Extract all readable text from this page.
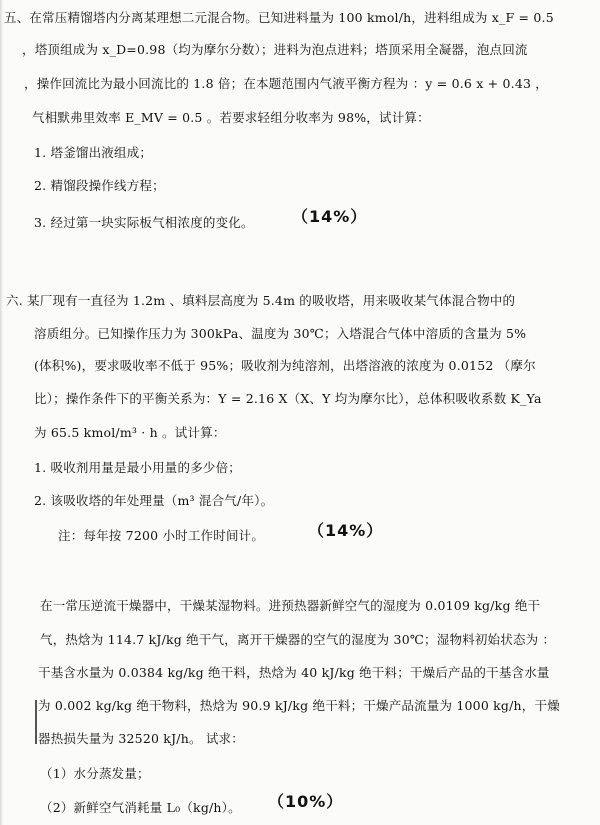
五、在常压精馏塔内分离某理想二元混合物。已知进料量为 100 kmol/h，进料组成为 x_F = 0.5
，塔顶组成为 x_D=0.98（均为摩尔分数）；进料为泡点进料；塔顶采用全凝器，泡点回流
，操作回流比为最小回流比的 1.8 倍；在本题范围内气液平衡方程为 ：y = 0.6 x + 0.43 ，
气相默弗里效率 E_MV = 0.5 。若要求轻组分收率为 98%，试计算：
1. 塔釜馏出液组成；
2. 精馏段操作线方程；
3. 经过第一块实际板气相浓度的变化。 （14%）
六. 某厂现有一直径为 1.2m 、填料层高度为 5.4m 的吸收塔，用来吸收某气体混合物中的
溶质组分。已知操作压力为 300kPa、温度为 30℃；入塔混合气体中溶质的含量为 5%
(体积%)，要求吸收率不低于 95%；吸收剂为纯溶剂，出塔溶液的浓度为 0.0152 （摩尔
比）；操作条件下的平衡关系为：Y = 2.16 X（X、Y 均为摩尔比），总体积吸收系数 K_Ya
为 65.5 kmol/m³ · h 。试计算：
1. 吸收剂用量是最小用量的多少倍；
2. 该吸收塔的年处理量（m³ 混合气/年）。
注：每年按 7200 小时工作时间计。	（14%）
在一常压逆流干燥器中，干燥某湿物料。进预热器新鲜空气的湿度为 0.0109 kg/kg 绝干
气，热焓为 114.7 kJ/kg 绝干气，离开干燥器的空气的湿度为 30℃；湿物料初始状态为 ：
干基含水量为 0.0384 kg/kg 绝干料，热焓为 40 kJ/kg 绝干料；干燥后产品的干基含水量
为 0.002 kg/kg 绝干物料，热焓为 90.9 kJ/kg 绝干料；干燥产品流量为 1000 kg/h，干燥
器热损失量为 32520 kJ/h。 试求：
（1）水分蒸发量；
（2）新鲜空气消耗量 L₀（kg/h）。 （10%）
